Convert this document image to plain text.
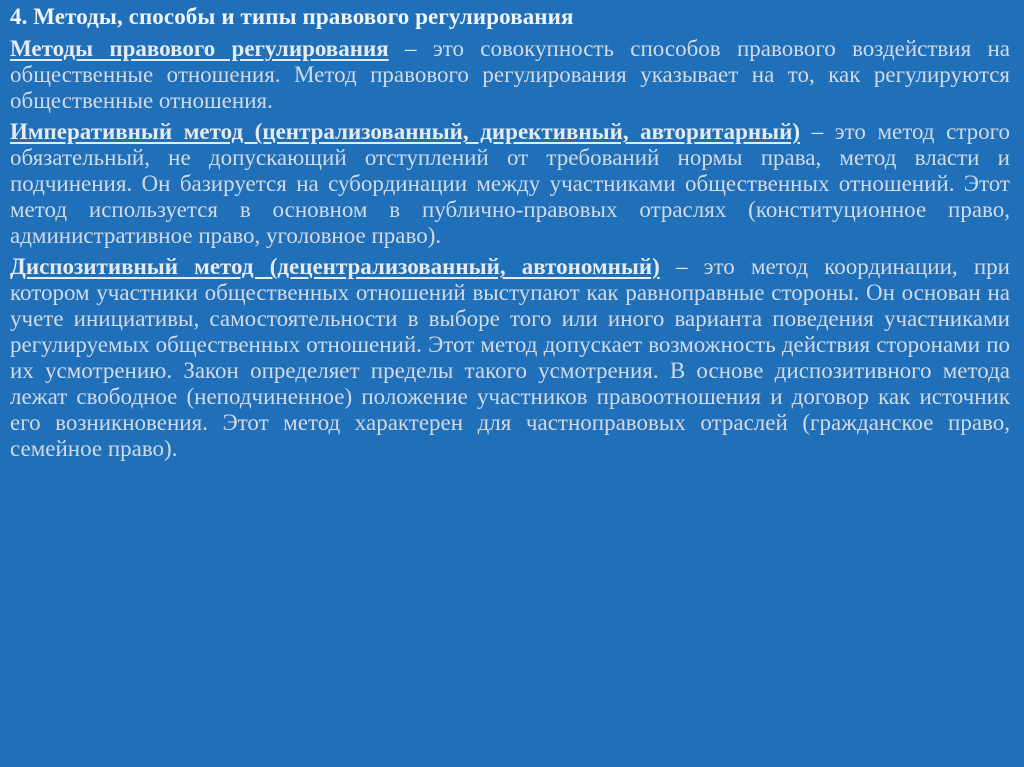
4. Методы, способы и типы правового регулирования

Методы правового регулирования – это совокупность способов правового воздействия на общественные отношения. Метод правового регулирования указывает на то, как регулируются общественные отношения.

Императивный метод (централизованный, директивный, авторитарный) – это метод строго обязательный, не допускающий отступлений от требований нормы права, метод власти и подчинения. Он базируется на субординации между участниками общественных отношений. Этот метод используется в основном в публично-правовых отраслях (конституционное право, административное право, уголовное право).

Диспозитивный метод (децентрализованный, автономный) – это метод координации, при котором участники общественных отношений выступают как равноправные стороны. Он основан на учете инициативы, самостоятельности в выборе того или иного варианта поведения участниками регулируемых общественных отношений. Этот метод допускает возможность действия сторонами по их усмотрению. Закон определяет пределы такого усмотрения. В основе диспозитивного метода лежат свободное (неподчиненное) положение участников правоотношения и договор как источник его возникновения. Этот метод характерен для частноправовых отраслей (гражданское право, семейное право).
